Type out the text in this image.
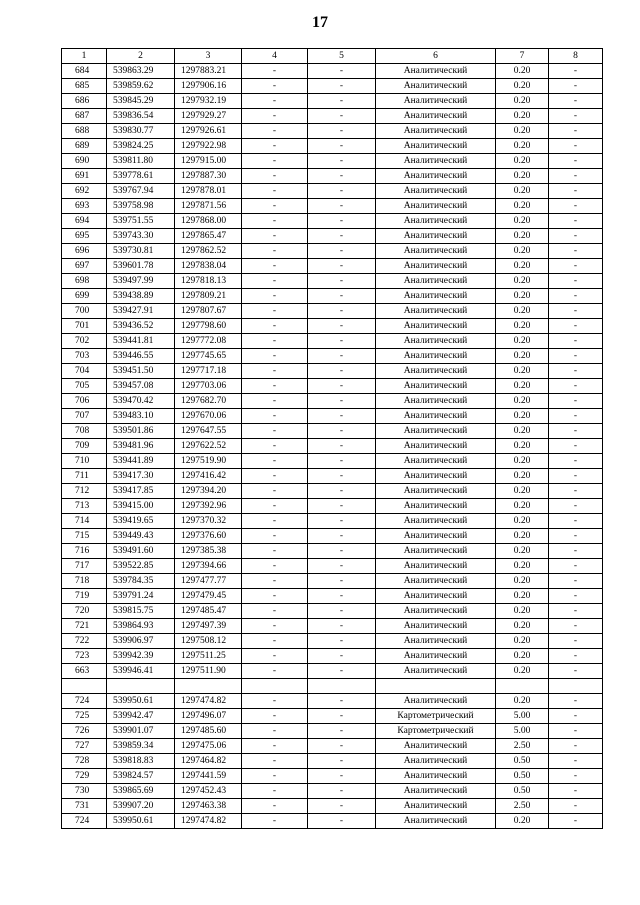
17
1	2	3	4	5	6	7	8
684	539863.29	1297883.21	-	-	Аналитический	0.20	-
685	539859.62	1297906.16	-	-	Аналитический	0.20	-
686	539845.29	1297932.19	-	-	Аналитический	0.20	-
687	539836.54	1297929.27	-	-	Аналитический	0.20	-
688	539830.77	1297926.61	-	-	Аналитический	0.20	-
689	539824.25	1297922.98	-	-	Аналитический	0.20	-
690	539811.80	1297915.00	-	-	Аналитический	0.20	-
691	539778.61	1297887.30	-	-	Аналитический	0.20	-
692	539767.94	1297878.01	-	-	Аналитический	0.20	-
693	539758.98	1297871.56	-	-	Аналитический	0.20	-
694	539751.55	1297868.00	-	-	Аналитический	0.20	-
695	539743.30	1297865.47	-	-	Аналитический	0.20	-
696	539730.81	1297862.52	-	-	Аналитический	0.20	-
697	539601.78	1297838.04	-	-	Аналитический	0.20	-
698	539497.99	1297818.13	-	-	Аналитический	0.20	-
699	539438.89	1297809.21	-	-	Аналитический	0.20	-
700	539427.91	1297807.67	-	-	Аналитический	0.20	-
701	539436.52	1297798.60	-	-	Аналитический	0.20	-
702	539441.81	1297772.08	-	-	Аналитический	0.20	-
703	539446.55	1297745.65	-	-	Аналитический	0.20	-
704	539451.50	1297717.18	-	-	Аналитический	0.20	-
705	539457.08	1297703.06	-	-	Аналитический	0.20	-
706	539470.42	1297682.70	-	-	Аналитический	0.20	-
707	539483.10	1297670.06	-	-	Аналитический	0.20	-
708	539501.86	1297647.55	-	-	Аналитический	0.20	-
709	539481.96	1297622.52	-	-	Аналитический	0.20	-
710	539441.89	1297519.90	-	-	Аналитический	0.20	-
711	539417.30	1297416.42	-	-	Аналитический	0.20	-
712	539417.85	1297394.20	-	-	Аналитический	0.20	-
713	539415.00	1297392.96	-	-	Аналитический	0.20	-
714	539419.65	1297370.32	-	-	Аналитический	0.20	-
715	539449.43	1297376.60	-	-	Аналитический	0.20	-
716	539491.60	1297385.38	-	-	Аналитический	0.20	-
717	539522.85	1297394.66	-	-	Аналитический	0.20	-
718	539784.35	1297477.77	-	-	Аналитический	0.20	-
719	539791.24	1297479.45	-	-	Аналитический	0.20	-
720	539815.75	1297485.47	-	-	Аналитический	0.20	-
721	539864.93	1297497.39	-	-	Аналитический	0.20	-
722	539906.97	1297508.12	-	-	Аналитический	0.20	-
723	539942.39	1297511.25	-	-	Аналитический	0.20	-
663	539946.41	1297511.90	-	-	Аналитический	0.20	-

724	539950.61	1297474.82	-	-	Аналитический	0.20	-
725	539942.47	1297496.07	-	-	Картометрический	5.00	-
726	539901.07	1297485.60	-	-	Картометрический	5.00	-
727	539859.34	1297475.06	-	-	Аналитический	2.50	-
728	539818.83	1297464.82	-	-	Аналитический	0.50	-
729	539824.57	1297441.59	-	-	Аналитический	0.50	-
730	539865.69	1297452.43	-	-	Аналитический	0.50	-
731	539907.20	1297463.38	-	-	Аналитический	2.50	-
724	539950.61	1297474.82	-	-	Аналитический	0.20	-
